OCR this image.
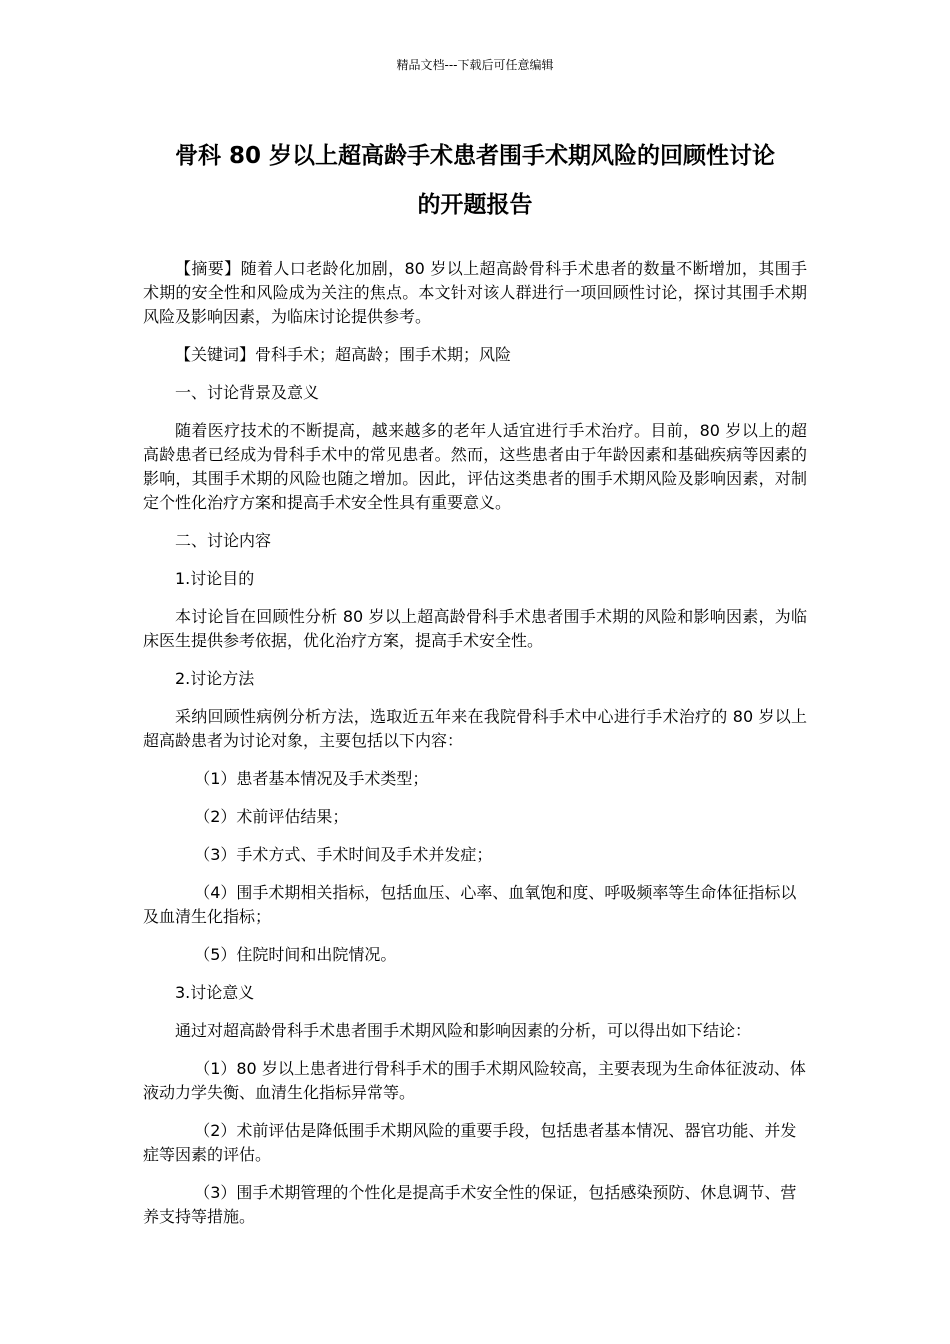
精品文档---下载后可任意编辑
骨科 80 岁以上超高龄手术患者围手术期风险的回顾性讨论
的开题报告

【摘要】随着人口老龄化加剧，80 岁以上超高龄骨科手术患者的数量不断增加，其围手术期的安全性和风险成为关注的焦点。本文针对该人群进行一项回顾性讨论，探讨其围手术期风险及影响因素，为临床讨论提供参考。

【关键词】骨科手术；超高龄；围手术期；风险

一、讨论背景及意义

随着医疗技术的不断提高，越来越多的老年人适宜进行手术治疗。目前，80 岁以上的超高龄患者已经成为骨科手术中的常见患者。然而，这些患者由于年龄因素和基础疾病等因素的影响，其围手术期的风险也随之增加。因此，评估这类患者的围手术期风险及影响因素，对制定个性化治疗方案和提高手术安全性具有重要意义。

二、讨论内容

1.讨论目的

本讨论旨在回顾性分析 80 岁以上超高龄骨科手术患者围手术期的风险和影响因素，为临床医生提供参考依据，优化治疗方案，提高手术安全性。

2.讨论方法

采纳回顾性病例分析方法，选取近五年来在我院骨科手术中心进行手术治疗的 80 岁以上超高龄患者为讨论对象，主要包括以下内容：

（1）患者基本情况及手术类型；

（2）术前评估结果；

（3）手术方式、手术时间及手术并发症；

（4）围手术期相关指标，包括血压、心率、血氧饱和度、呼吸频率等生命体征指标以及血清生化指标；

（5）住院时间和出院情况。

3.讨论意义

通过对超高龄骨科手术患者围手术期风险和影响因素的分析，可以得出如下结论：

（1）80 岁以上患者进行骨科手术的围手术期风险较高，主要表现为生命体征波动、体液动力学失衡、血清生化指标异常等。

（2）术前评估是降低围手术期风险的重要手段，包括患者基本情况、器官功能、并发症等因素的评估。

（3）围手术期管理的个性化是提高手术安全性的保证，包括感染预防、休息调节、营养支持等措施。
